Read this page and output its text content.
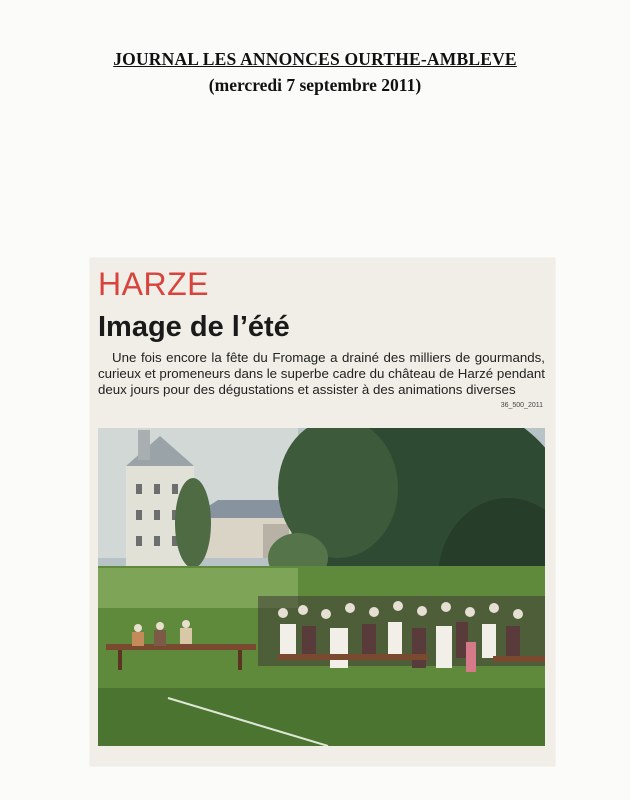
JOURNAL LES ANNONCES OURTHE-AMBLEVE
(mercredi 7 septembre 2011)
HARZE
Image de l’été
Une fois encore la fête du Fromage a drainé des milliers de gourmands, curieux et promeneurs dans le superbe cadre du château de Harzé pendant deux jours pour des dégustations et assister à des animations diverses
36_500_2011
